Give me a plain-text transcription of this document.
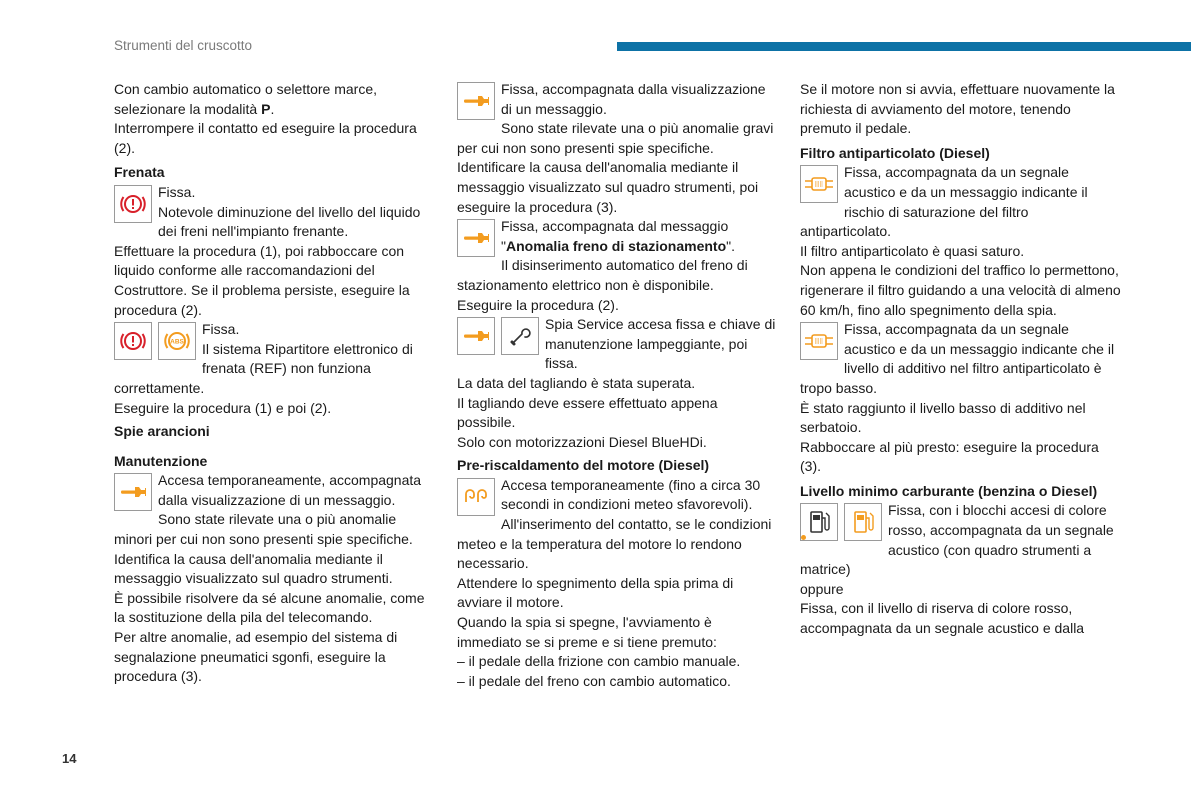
Strumenti del cruscotto

Con cambio automatico o selettore marce, selezionare la modalità P.

Interrompere il contatto ed eseguire la procedura (2).

Frenata

Fissa.

Notevole diminuzione del livello del liquido dei freni nell'impianto frenante.

Effettuare la procedura (1), poi rabboccare con liquido conforme alle raccomandazioni del Costruttore. Se il problema persiste, eseguire la procedura (2).

ABS

Fissa.

Il sistema Ripartitore elettronico di frenata (REF) non funziona correttamente.

Eseguire la procedura (1) e poi (2).

Spie arancioni

Manutenzione

Accesa temporaneamente, accompagnata dalla visualizzazione di un messaggio.

Sono state rilevate una o più anomalie minori per cui non sono presenti spie specifiche.

Identifica la causa dell'anomalia mediante il messaggio visualizzato sul quadro strumenti.

È possibile risolvere da sé alcune anomalie, come la sostituzione della pila del telecomando.

Per altre anomalie, ad esempio del sistema di segnalazione pneumatici sgonfi, eseguire la procedura (3).

Fissa, accompagnata dalla visualizzazione di un messaggio.

Sono state rilevate una o più anomalie gravi per cui non sono presenti spie specifiche.

Identificare la causa dell'anomalia mediante il messaggio visualizzato sul quadro strumenti, poi eseguire la procedura (3).

Fissa, accompagnata dal messaggio "Anomalia freno di stazionamento".

Il disinserimento automatico del freno di stazionamento elettrico non è disponibile.

Eseguire la procedura (2).

Spia Service accesa fissa e chiave di manutenzione lampeggiante, poi fissa.

La data del tagliando è stata superata.

Il tagliando deve essere effettuato appena possibile.

Solo con motorizzazioni Diesel BlueHDi.

Pre-riscaldamento del motore (Diesel)

Accesa temporaneamente (fino a circa 30 secondi in condizioni meteo sfavorevoli).

All'inserimento del contatto, se le condizioni meteo e la temperatura del motore lo rendono necessario.

Attendere lo spegnimento della spia prima di avviare il motore.

Quando la spia si spegne, l'avviamento è immediato se si preme e si tiene premuto:

– il pedale della frizione con cambio manuale.

– il pedale del freno con cambio automatico.

Se il motore non si avvia, effettuare nuovamente la richiesta di avviamento del motore, tenendo premuto il pedale.

Filtro antiparticolato (Diesel)

Fissa, accompagnata da un segnale acustico e da un messaggio indicante il rischio di saturazione del filtro antiparticolato.

Il filtro antiparticolato è quasi saturo.

Non appena le condizioni del traffico lo permettono, rigenerare il filtro guidando a una velocità di almeno 60 km/h, fino allo spegnimento della spia.

Fissa, accompagnata da un segnale acustico e da un messaggio indicante che il livello di additivo nel filtro antiparticolato è tropo basso.

È stato raggiunto il livello basso di additivo nel serbatoio.

Rabboccare al più presto: eseguire la procedura (3).

Livello minimo carburante (benzina o Diesel)

Fissa, con i blocchi accesi di colore rosso, accompagnata da un segnale acustico (con quadro strumenti a matrice)

oppure

Fissa, con il livello di riserva di colore rosso, accompagnata da un segnale acustico e dalla

14
